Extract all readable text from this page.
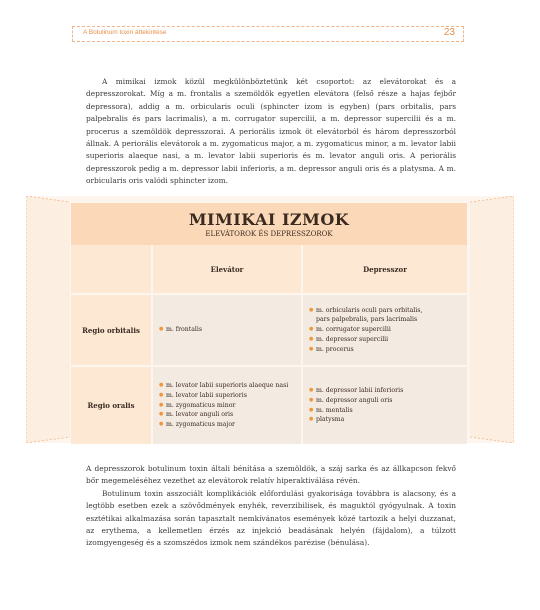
A Botulinum toxin áttekintése	23

A mimikai izmok közül megkülönböztetünk két csoportot: az elevátorokat és a depresszorokat. Míg a m. frontalis a szemöldök egyetlen elevátora (felső része a hajas fejbőr depressora), addig a m. orbicularis oculi (sphincter izom is egyben) (pars orbitalis, pars palpebralis és pars lacrimalis), a m. corrugator supercilii, a m. depressor supercilii és a m. procerus a szemöldök depresszorai. A periorális izmok öt elevátorból és három depresszorból állnak. A periorális elevátorok a m. zygomaticus major, a m. zygomaticus minor, a m. levator labii superioris alaeque nasi, a m. levator labii superioris és m. levator anguli oris. A periorális depresszorok pedig a m. depressor labii inferioris, a m. depressor anguli oris és a platysma. A m. orbicularis oris valódi sphincter izom.

MIMIKAI IZMOK
ELEVÁTOROK ÉS DEPRESSZOROK
Elevátor	Depresszor
Regio orbitalis
●	m. frontalis
● m. orbicularis oculi pars orbitalis,
pars palpebralis, pars lacrimalis
● m. corrugator supercilii
● m. depressor supercilii
● m. procerus
Regio oralis
● m. levator labii superioris alaeque nasi
● m. levator labii superioris
● m. zygomaticus minor
● m. levator anguli oris
● m. zygomaticus major
● m. depressor labii inferioris
● m. depressor anguli oris
● m. mentalis
● platysma

A depresszorok botulinum toxin általi bénítása a szemöldök, a száj sarka és az állkapcson fekvő bőr megemeléséhez vezethet az elevátorok relatív hiperaktiválása révén.

Botulinum toxin asszociált komplikációk előfordulási gyakorisága továbbra is alacsony, és a legtöbb esetben ezek a szövődmények enyhék, reverzibilisek, és maguktól gyógyulnak. A toxin esztétikai alkalmazása során tapasztalt nemkívánatos események közé tartozik a helyi duzzanat, az erythema, a kellemetlen érzés az injekció beadásának helyén (fájdalom), a túlzott izomgyengeség és a szomszédos izmok nem szándékos parézise (bénulása).
